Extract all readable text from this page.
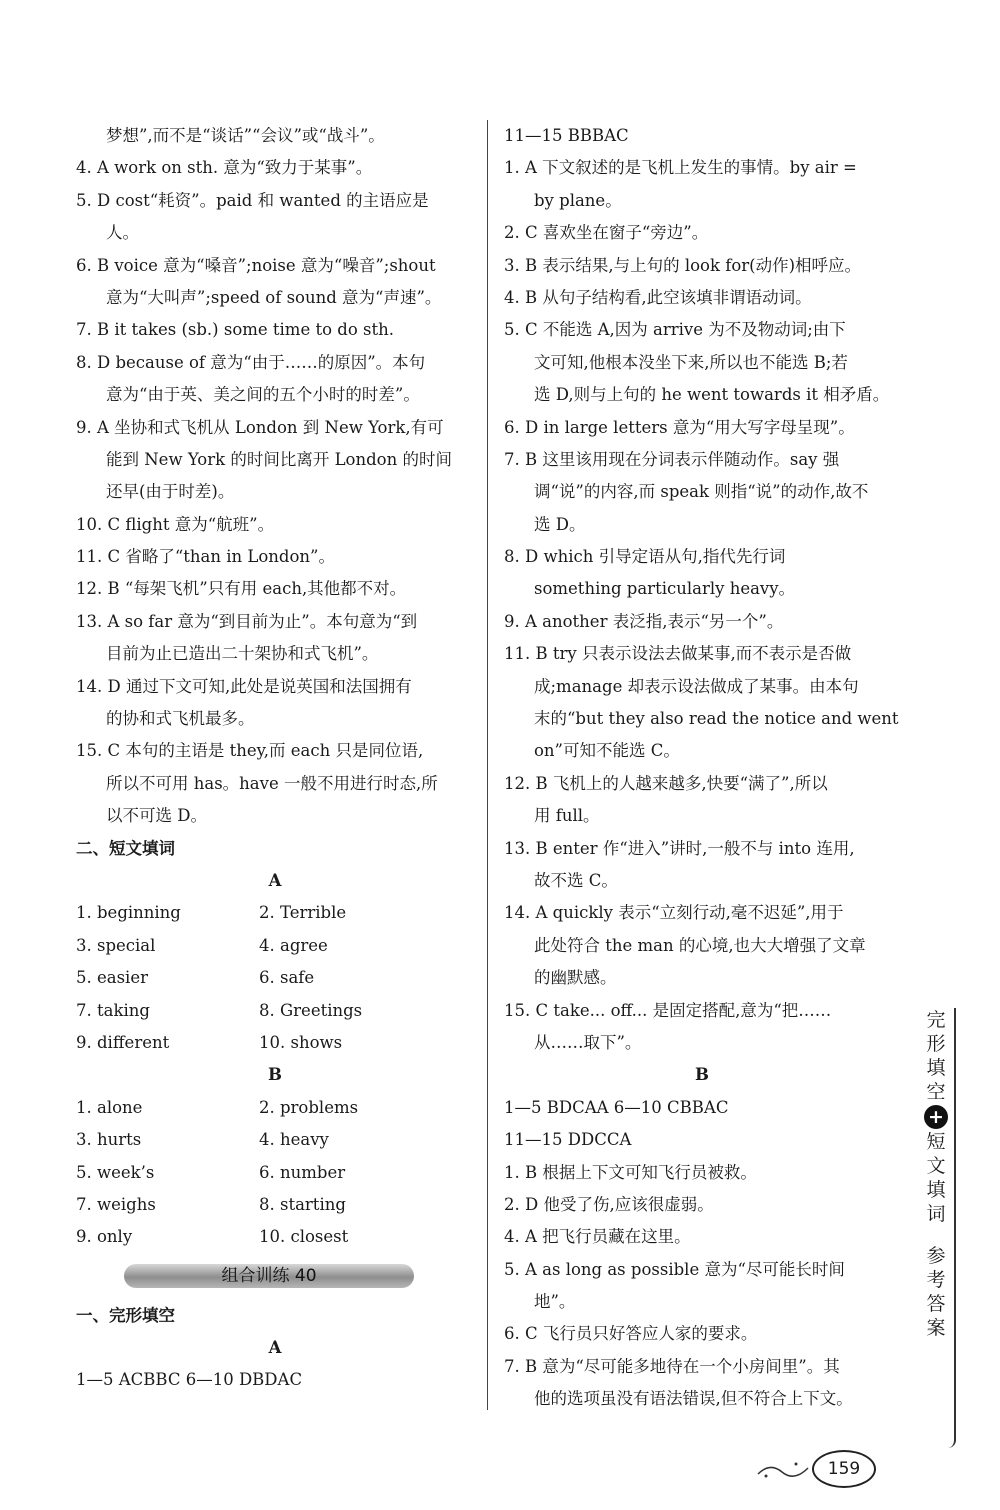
梦想”,而不是“谈话”“会议”或“战斗”。
4. A work on sth. 意为“致力于某事”。
5. D cost“耗资”。paid 和 wanted 的主语应是
人。
6. B voice 意为“嗓音”;noise 意为“噪音”;shout
意为“大叫声”;speed of sound 意为“声速”。
7. B it takes (sb.) some time to do sth.
8. D because of 意为“由于……的原因”。本句
意为“由于英、美之间的五个小时的时差”。
9. A 坐协和式飞机从 London 到 New York,有可
能到 New York 的时间比离开 London 的时间
还早(由于时差)。
10. C flight 意为“航班”。
11. C 省略了“than in London”。
12. B “每架飞机”只有用 each,其他都不对。
13. A so far 意为“到目前为止”。本句意为“到
目前为止已造出二十架协和式飞机”。
14. D 通过下文可知,此处是说英国和法国拥有
的协和式飞机最多。
15. C 本句的主语是 they,而 each 只是同位语,
所以不可用 has。have 一般不用进行时态,所
以不可选 D。
二、短文填词
A
1. beginning	2. Terrible
3. special	4. agree
5. easier	6. safe
7. taking	8. Greetings
9. different	10. shows
B
1. alone	2. problems
3. hurts	4. heavy
5. week’s	6. number
7. weighs	8. starting
9. only	10. closest
组合训练 40
一、完形填空
A
1—5 ACBBC 6—10 DBDAC
11—15 BBBAC
1. A 下文叙述的是飞机上发生的事情。by air =
by plane。
2. C 喜欢坐在窗子“旁边”。
3. B 表示结果,与上句的 look for(动作)相呼应。
4. B 从句子结构看,此空该填非谓语动词。
5. C 不能选 A,因为 arrive 为不及物动词;由下
文可知,他根本没坐下来,所以也不能选 B;若
选 D,则与上句的 he went towards it 相矛盾。
6. D in large letters 意为“用大写字母呈现”。
7. B 这里该用现在分词表示伴随动作。say 强
调“说”的内容,而 speak 则指“说”的动作,故不
选 D。
8. D which 引导定语从句,指代先行词
something particularly heavy。
9. A another 表泛指,表示“另一个”。
11. B try 只表示设法去做某事,而不表示是否做
成;manage 却表示设法做成了某事。由本句
末的“but they also read the notice and went
on”可知不能选 C。
12. B 飞机上的人越来越多,快要“满了”,所以
用 full。
13. B enter 作“进入”讲时,一般不与 into 连用,
故不选 C。
14. A quickly 表示“立刻行动,毫不迟延”,用于
此处符合 the man 的心境,也大大增强了文章
的幽默感。
15. C take... off... 是固定搭配,意为“把……
从……取下”。
B
1—5 BDCAA 6—10 CBBAC
11—15 DDCCA
1. B 根据上下文可知飞行员被救。
2. D 他受了伤,应该很虚弱。
4. A 把飞行员藏在这里。
5. A as long as possible 意为“尽可能长时间
地”。
6. C 飞行员只好答应人家的要求。
7. B 意为“尽可能多地待在一个小房间里”。其
他的选项虽没有语法错误,但不符合上下文。
完
形
填
空
+
短
文
填
词
参
考
答
案
159
